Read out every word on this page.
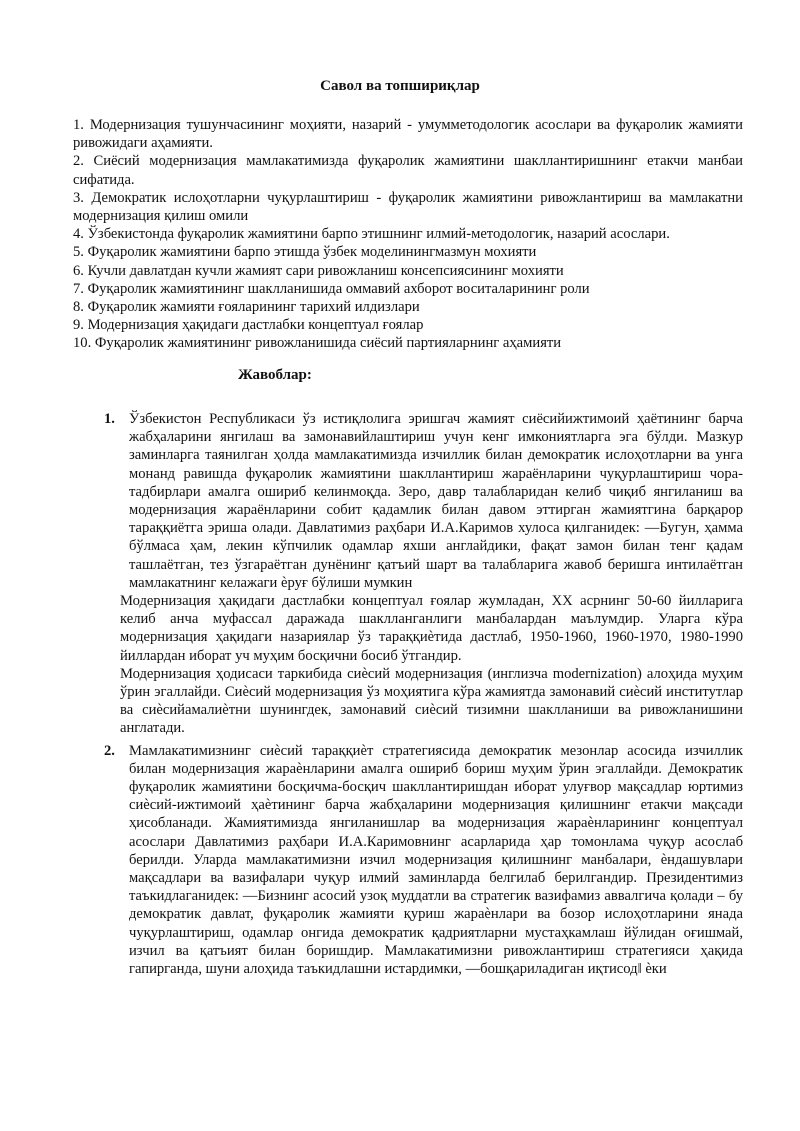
Савол ва топшириқлар
1. Модернизация тушунчасининг моҳияти, назарий - умумметодологик асослари ва фуқаролик жамияти ривожидаги аҳамияти.
2. Сиёсий модернизация мамлакатимизда фуқаролик жамиятини шакллантиришнинг етакчи манбаи сифатида.
3. Демократик ислоҳотларни чуқурлаштириш - фуқаролик жамиятини ривожлантириш ва мамлакатни модернизация қилиш омили
4. Ўзбекистонда фуқаролик жамиятини барпо этишнинг илмий-методологик, назарий асослари.
5. Фуқаролик жамиятини барпо этишда ўзбек моделинингмазмун мохияти
6. Кучли давлатдан кучли жамият сари ривожланиш консепсиясининг мохияти
7. Фуқаролик жамиятининг шаклланишида оммавий ахборот воситаларининг роли
8. Фуқаролик жамияти ғояларининг тарихий илдизлари
9. Модернизация ҳақидаги дастлабки концептуал ғоялар
10. Фуқаролик жамиятининг ривожланишида сиёсий партияларнинг аҳамияти
Жавоблар:
1. Ўзбекистон Республикаси ўз истиқлолига эришгач жамият сиёсийижтимоий ҳаётининг барча жабҳаларини янгилаш ва замонавийлаштириш учун кенг имкониятларга эга бўлди. Мазкур заминларга таянилган ҳолда мамлакатимизда изчиллик билан демократик ислоҳотларни ва унга монанд равишда фуқаролик жамиятини шакллантириш жараёнларини чуқурлаштириш чора-тадбирлари амалга ошириб келинмоқда. Зеро, давр талабларидан келиб чиқиб янгиланиш ва модернизация жараёнларини собит қадамлик билан давом эттирган жамиятгина барқарор тараққиётга эриша олади. Давлатимиз раҳбари И.А.Каримов хулоса қилганидек: ―Бугун, ҳамма бўлмаса ҳам, лекин кўпчилик одамлар яхши англайдики, фақат замон билан тенг қадам ташлаётган, тез ўзгараётган дунёнинг қатъий шарт ва талабларига жавоб беришга интилаётган мамлакатнинг келажаги ѐруғ бўлиши мумкин
Модернизация ҳақидаги дастлабки концептуал ғоялар жумладан, XX асрнинг 50-60 йилларига келиб анча муфассал даражада шаклланганлиги манбалардан маълумдир. Уларга кўра модернизация ҳақидаги назариялар ўз тараққиѐтида дастлаб, 1950-1960, 1960-1970, 1980-1990 йиллардан иборат уч муҳим босқични босиб ўтгандир.
Модернизация ҳодисаси таркибида сиѐсий модернизация (инглизча modernization) алоҳида муҳим ўрин эгаллайди. Сиѐсий модернизация ўз моҳиятига кўра жамиятда замонавий сиѐсий институтлар ва сиѐсийамалиѐтни шунингдек, замонавий сиѐсий тизимни шаклланиши ва ривожланишини англатади.
2. Мамлакатимизнинг сиѐсий тараққиѐт стратегиясида демократик мезонлар асосида изчиллик билан модернизация жараѐнларини амалга ошириб бориш муҳим ўрин эгаллайди. Демократик фуқаролик жамиятини босқичма-босқич шакллантиришдан иборат улуғвор мақсадлар юртимиз сиѐсий-ижтимоий ҳаѐтининг барча жабҳаларини модернизация қилишнинг етакчи мақсади ҳисобланади. Жамиятимизда янгиланишлар ва модернизация жараѐнларининг концептуал асослари Давлатимиз раҳбари И.А.Каримовнинг асарларида ҳар томонлама чуқур асослаб берилди. Уларда мамлакатимизни изчил модернизация қилишнинг манбалари, ѐндашувлари мақсадлари ва вазифалари чуқур илмий заминларда белгилаб берилгандир. Президентимиз таъкидлаганидек: ―Бизнинг асосий узоқ муддатли ва стратегик вазифамиз аввалгича қолади – бу демократик давлат, фуқаролик жамияти қуриш жараѐнлари ва бозор ислоҳотларини янада чуқурлаштириш, одамлар онгида демократик қадриятларни мустаҳкамлаш йўлидан оғишмай, изчил ва қатъият билан боришдир. Мамлакатимизни ривожлантириш стратегияси ҳақида гапирганда, шуни алоҳида таъкидлашни истардимки, ―бошқариладиган иқтисод‖ ѐки
